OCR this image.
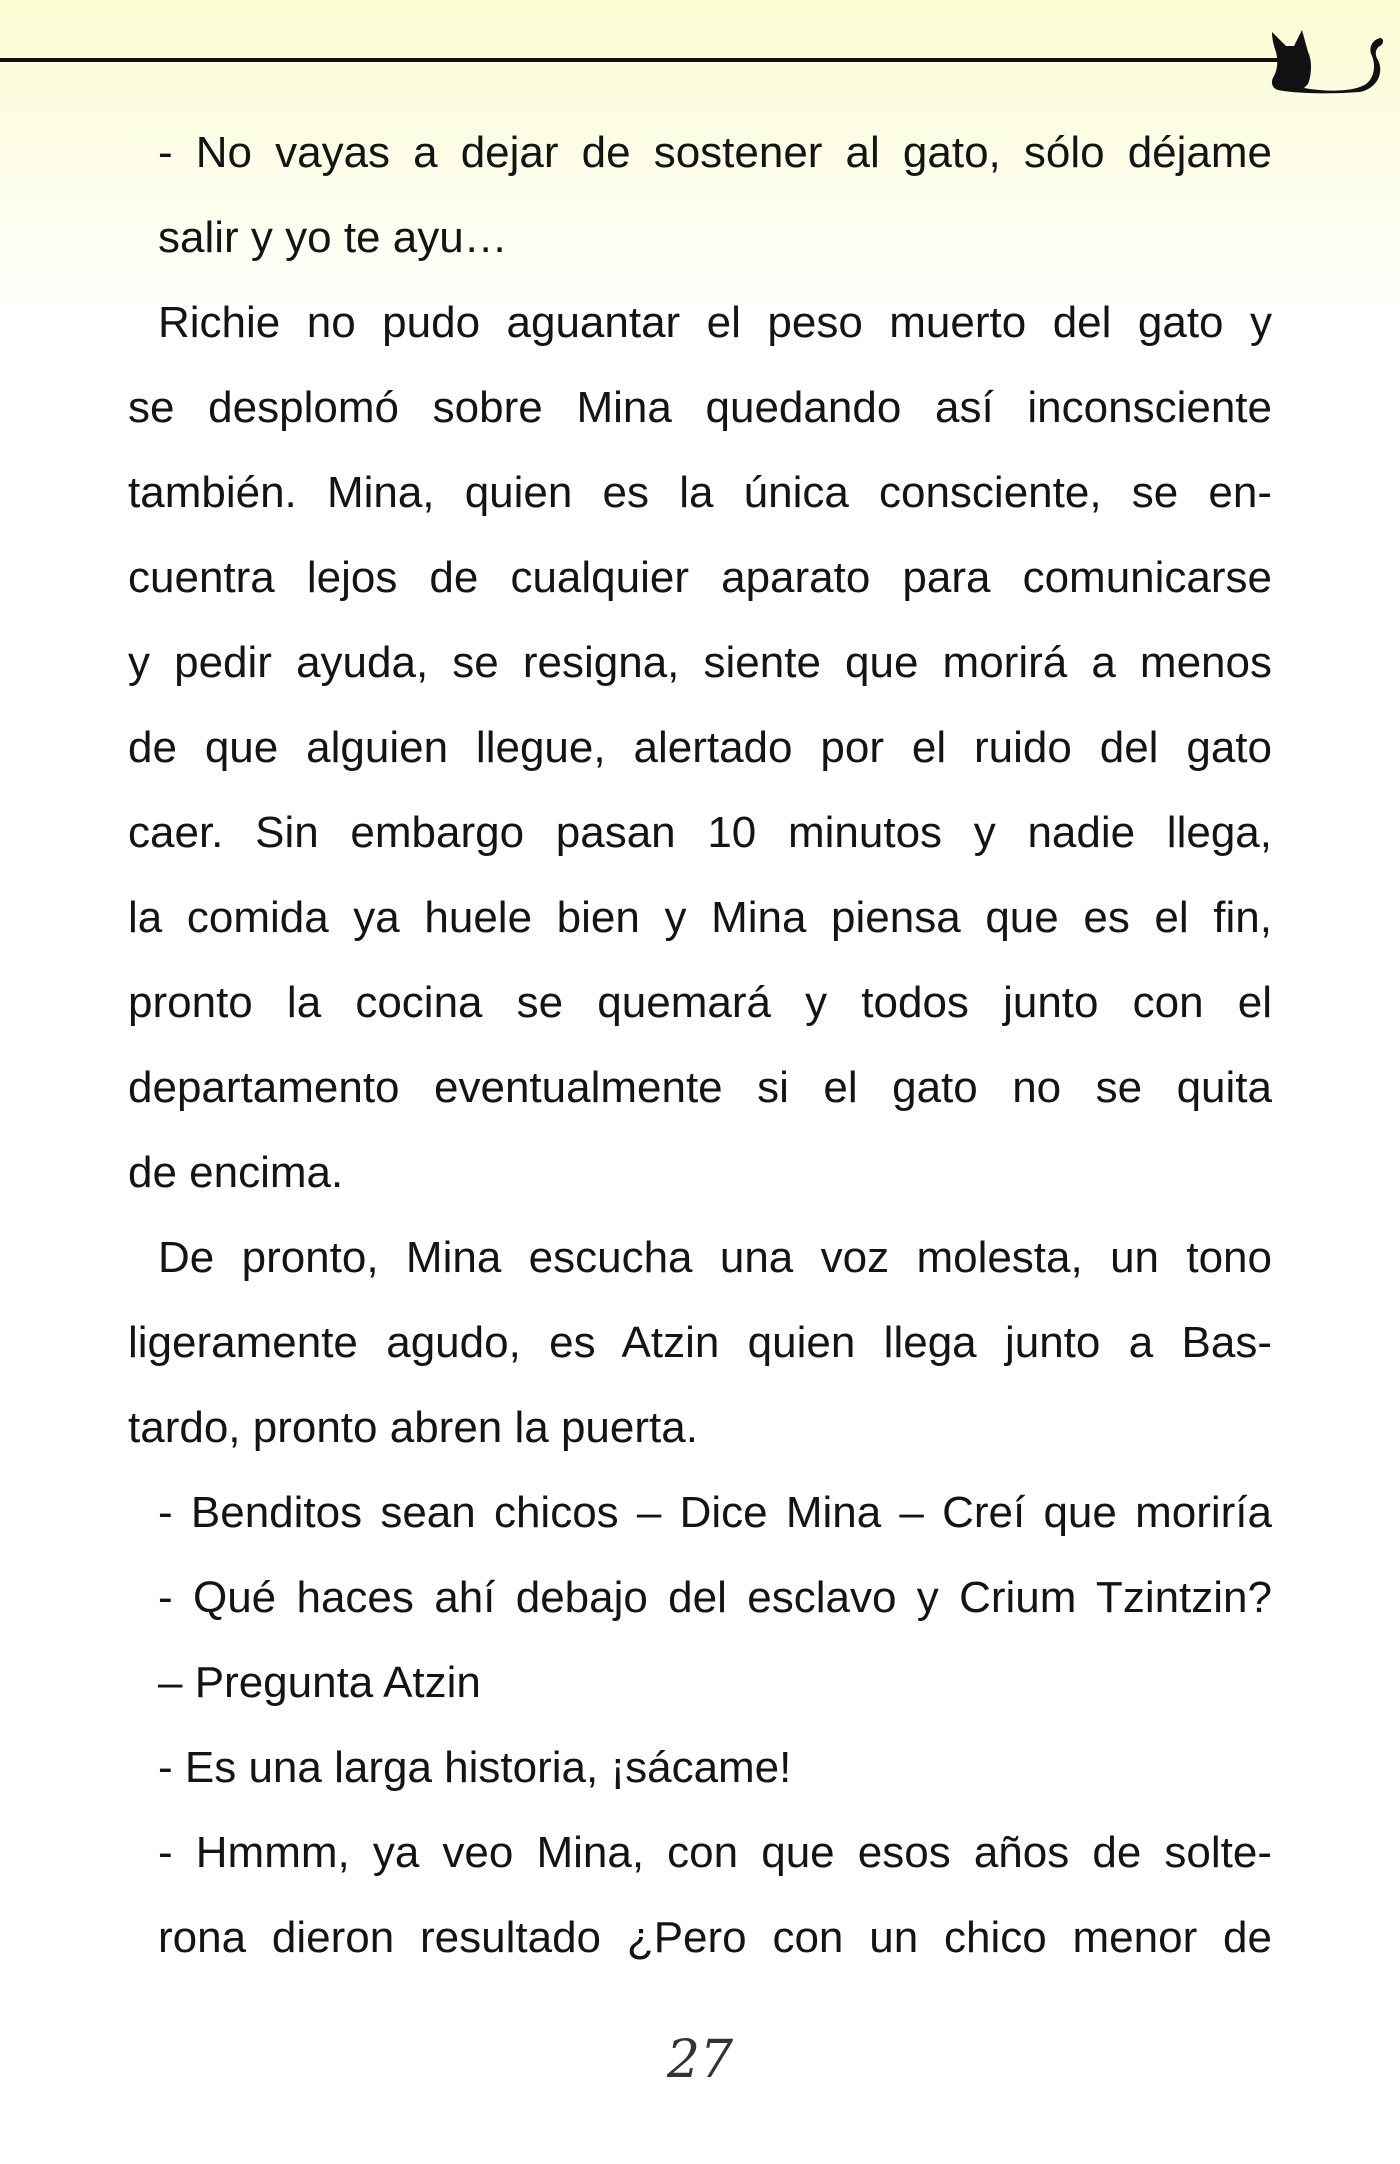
- No vayas a dejar de sostener al gato, sólo déjame
salir y yo te ayu…
Richie no pudo aguantar el peso muerto del gato y
se desplomó sobre Mina quedando así inconsciente
también. Mina, quien es la única consciente, se en-
cuentra lejos de cualquier aparato para comunicarse
y pedir ayuda, se resigna, siente que morirá a menos
de que alguien llegue, alertado por el ruido del gato
caer. Sin embargo pasan 10 minutos y nadie llega,
la comida ya huele bien y Mina piensa que es el fin,
pronto la cocina se quemará y todos junto con el
departamento eventualmente si el gato no se quita
de encima.
De pronto, Mina escucha una voz molesta, un tono
ligeramente agudo, es Atzin quien llega junto a Bas-
tardo, pronto abren la puerta.
- Benditos sean chicos – Dice Mina – Creí que moriría
- Qué haces ahí debajo del esclavo y Crium Tzintzin?
– Pregunta Atzin
- Es una larga historia, ¡sácame!
- Hmmm, ya veo Mina, con que esos años de solte-
rona dieron resultado ¿Pero con un chico menor de
27
